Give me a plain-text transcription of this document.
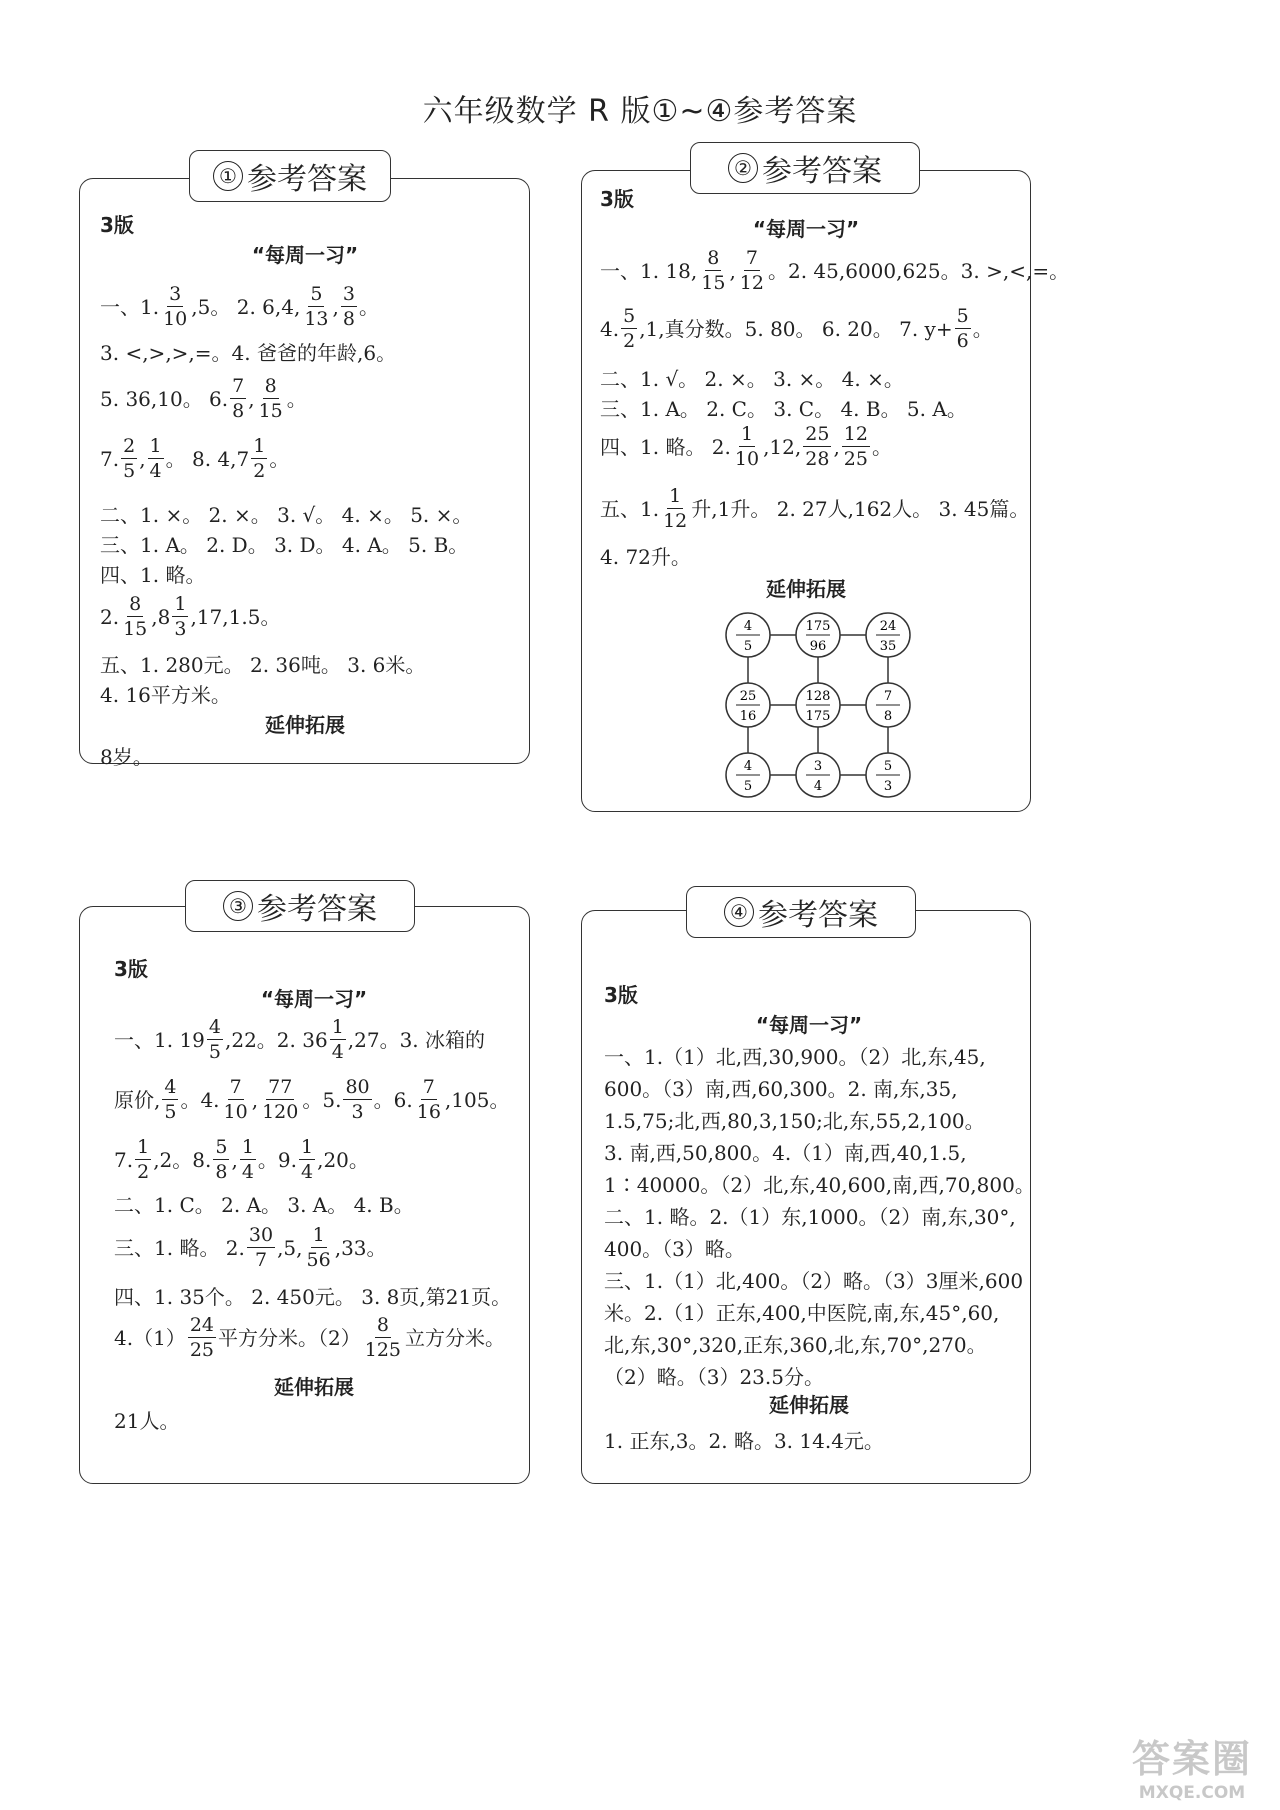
六年级数学 R 版①~④参考答案
3版
“每周一习”
一、1. $\frac{3}{10} ,5$。 2. 6,4, $\frac{5}{13}$ , $\frac{3}{8}$ 。
3. <,>,>,=。4. 爸爸的年龄,6。
5. 36,10。 6. $\frac{7}{8}$ , $\frac{8}{15}$ 。
7. $\frac{2}{5}$ , $\frac{1}{4}$ 。 8. $4,7 \frac{1}{2}$ 。
二、1. ×。 2. ×。 3. √。 4. ×。 5. ×。
三、1. A。 2. D。 3. D。 4. A。 5. B。
四、1. 略。
2. $\frac{8}{15} ,8 \frac{1}{3} ,17,1.5$。
五、1. 280元。 2. 36吨。 3. 6米。
4. 16平方米。
延伸拓展
8岁。
① 参考答案
3版
“每周一习”
一、1. 18, $\frac{8}{15}$ , $\frac{7}{12}$ 。2. 45,6000,625。3. >,<,=。
4. $\frac{5}{2} ,1$,真分数。5. 80。 6. 20。 7. $y+ \frac{5}{6}$ 。
二、1. √。 2. ×。 3. ×。 4. ×。
三、1. A。 2. C。 3. C。 4. B。 5. A。
四、1. 略。 2. $\frac{1}{10} ,12$, $\frac{25}{28}$ , $\frac{12}{25}$ 。
五、1. $\frac{1}{12}$ 升,1升。 2. 27人,162人。 3. 45篇。
4. 72升。
延伸拓展
4
5
175
96
24
35
25
16
128
175
7
8
4
5
3
4
5
3
② 参考答案
3版
“每周一习”
一、1. $19 \frac{4}{5} ,22$。2. $36 \frac{1}{4} ,27$。3. 冰箱的
原价, $\frac{4}{5}$ 。4. $\frac{7}{10}$ , $\frac{77}{120}$ 。5. $\frac{80}{3}$ 。6. $\frac{7}{16} ,105$。
7. $\frac{1}{2} ,2$。8. $\frac{5}{8}$ , $\frac{1}{4}$ 。9. $\frac{1}{4} ,20$。
二、1. C。 2. A。 3. A。 4. B。
三、1. 略。 2. $\frac{30}{7} ,5$, $\frac{1}{56} ,33$。
四、1. 35个。 2. 450元。 3. 8页,第21页。
$4.(1) \frac{24}{25}$ 平方分米。$(2) \frac{8}{125}$ 立方分米。
延伸拓展
21人。
③ 参考答案
3版
“每周一习”
一、1.（1）北,西,30,900。（2）北,东,45,
600。（3）南,西,60,300。2. 南,东,35,
1.5,75;北,西,80,3,150;北,东,55,2,100。
3. 南,西,50,800。4.（1）南,西,40,1.5,
1∶40000。（2）北,东,40,600,南,西,70,800。
二、1. 略。2.（1）东,1000。（2）南,东,30°,
400。（3）略。
三、1.（1）北,400。（2）略。（3）3厘米,600
米。2.（1）正东,400,中医院,南,东,45°,60,
北,东,30°,320,正东,360,北,东,70°,270。
（2）略。（3）23.5分。
延伸拓展
1. 正东,3。2. 略。3. 14.4元。
④ 参考答案
答案圈
MXQE.COM
